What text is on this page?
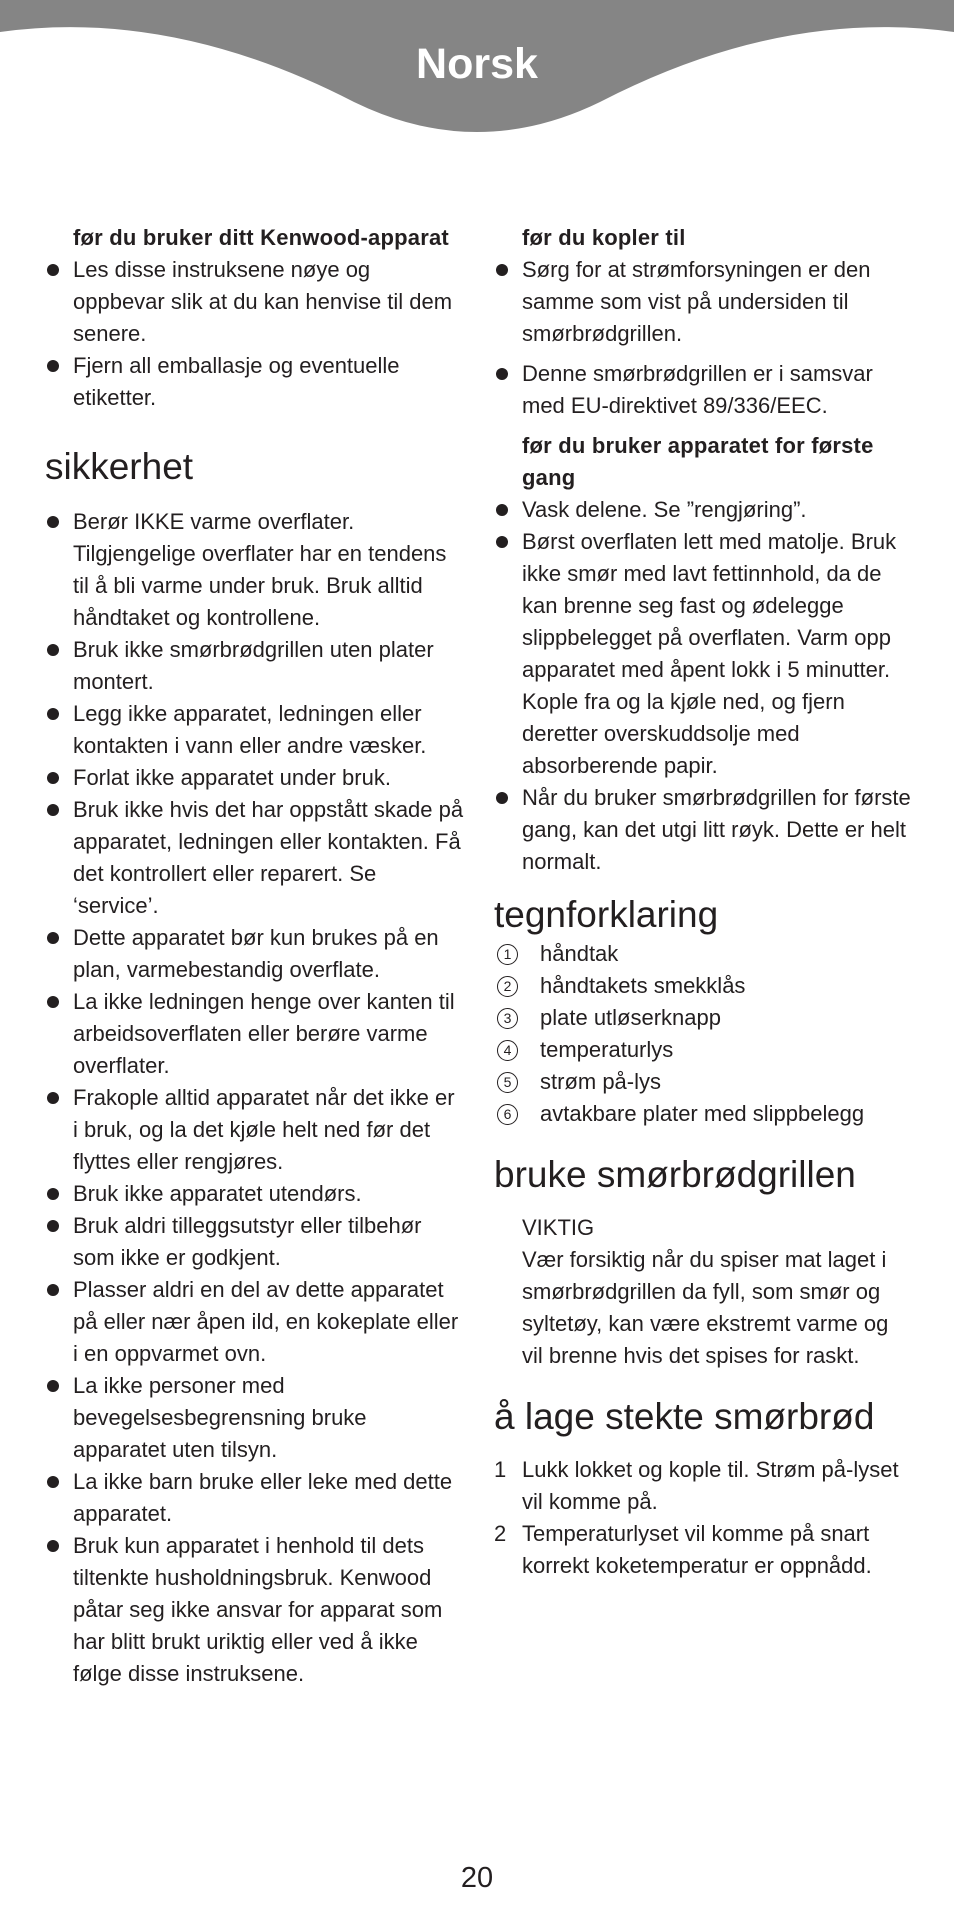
Norsk
før du bruker ditt Kenwood-apparat
Les disse instruksene nøye og oppbevar slik at du kan henvise til dem senere.
Fjern all emballasje og eventuelle etiketter.
sikkerhet
Berør IKKE varme overflater. Tilgjengelige overflater har en tendens til å bli varme under bruk. Bruk alltid håndtaket og kontrollene.
Bruk ikke smørbrødgrillen uten plater montert.
Legg ikke apparatet, ledningen eller kontakten i vann eller andre væsker.
Forlat ikke apparatet under bruk.
Bruk ikke hvis det har oppstått skade på apparatet, ledningen eller kontakten. Få det kontrollert eller reparert. Se ‘service’.
Dette apparatet bør kun brukes på en plan, varmebestandig overflate.
La ikke ledningen henge over kanten til arbeidsoverflaten eller berøre varme overflater.
Frakople alltid apparatet når det ikke er i bruk, og la det kjøle helt ned før det flyttes eller rengjøres.
Bruk ikke apparatet utendørs.
Bruk aldri tilleggsutstyr eller tilbehør som ikke er godkjent.
Plasser aldri en del av dette apparatet på eller nær åpen ild, en kokeplate eller i en oppvarmet ovn.
La ikke personer med bevegelsesbegrensning bruke apparatet uten tilsyn.
La ikke barn bruke eller leke med dette apparatet.
Bruk kun apparatet i henhold til dets tiltenkte husholdningsbruk. Kenwood påtar seg ikke ansvar for apparat som har blitt brukt uriktig eller ved å ikke følge disse instruksene.
før du kopler til
Sørg for at strømforsyningen er den samme som vist på undersiden til smørbrødgrillen.
Denne smørbrødgrillen er i samsvar med EU-direktivet 89/336/EEC.
før du bruker apparatet for første gang
Vask delene. Se ”rengjøring”.
Børst overflaten lett med matolje. Bruk ikke smør med lavt fettinnhold, da de kan brenne seg fast og ødelegge slippbelegget på overflaten. Varm opp apparatet med åpent lokk i 5 minutter. Kople fra og la kjøle ned, og fjern deretter overskuddsolje med absorberende papir.
Når du bruker smørbrødgrillen for første gang, kan det utgi litt røyk. Dette er helt normalt.
tegnforklaring
1	håndtak
2	håndtakets smekklås
3	plate utløserknapp
4	temperaturlys
5	strøm på-lys
6	avtakbare plater med slippbelegg
bruke smørbrødgrillen
VIKTIG
Vær forsiktig når du spiser mat laget i smørbrødgrillen da fyll, som smør og syltetøy, kan være ekstremt varme og vil brenne hvis det spises for raskt.
å lage stekte smørbrød
1 Lukk lokket og kople til. Strøm på-lyset vil komme på.
2 Temperaturlyset vil komme på snart korrekt koketemperatur er oppnådd.
20
